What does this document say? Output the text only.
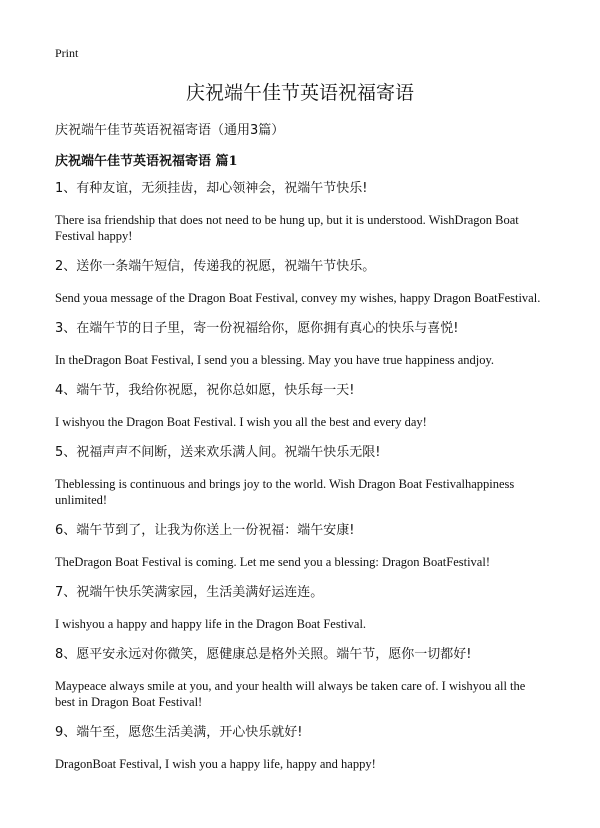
Print
庆祝端午佳节英语祝福寄语
庆祝端午佳节英语祝福寄语（通用3篇）
庆祝端午佳节英语祝福寄语 篇1

1、有种友谊，无须挂齿，却心领神会，祝端午节快乐!

There isa friendship that does not need to be hung up, but it is understood. WishDragon Boat Festival happy!

2、送你一条端午短信，传递我的祝愿，祝端午节快乐。

Send youa message of the Dragon Boat Festival, convey my wishes, happy Dragon BoatFestival.

3、在端午节的日子里，寄一份祝福给你，愿你拥有真心的快乐与喜悦!

In theDragon Boat Festival, I send you a blessing. May you have true happiness andjoy.

4、端午节，我给你祝愿，祝你总如愿，快乐每一天!

I wishyou the Dragon Boat Festival. I wish you all the best and every day!

5、祝福声声不间断，送来欢乐满人间。祝端午快乐无限!

Theblessing is continuous and brings joy to the world. Wish Dragon Boat Festivalhappiness unlimited!

6、端午节到了，让我为你送上一份祝福：端午安康!

TheDragon Boat Festival is coming. Let me send you a blessing: Dragon BoatFestival!

7、祝端午快乐笑满家园，生活美满好运连连。

I wishyou a happy and happy life in the Dragon Boat Festival.

8、愿平安永远对你微笑，愿健康总是格外关照。端午节，愿你一切都好!

Maypeace always smile at you, and your health will always be taken care of. I wishyou all the best in Dragon Boat Festival!

9、端午至，愿您生活美满，开心快乐就好!

DragonBoat Festival, I wish you a happy life, happy and happy!
